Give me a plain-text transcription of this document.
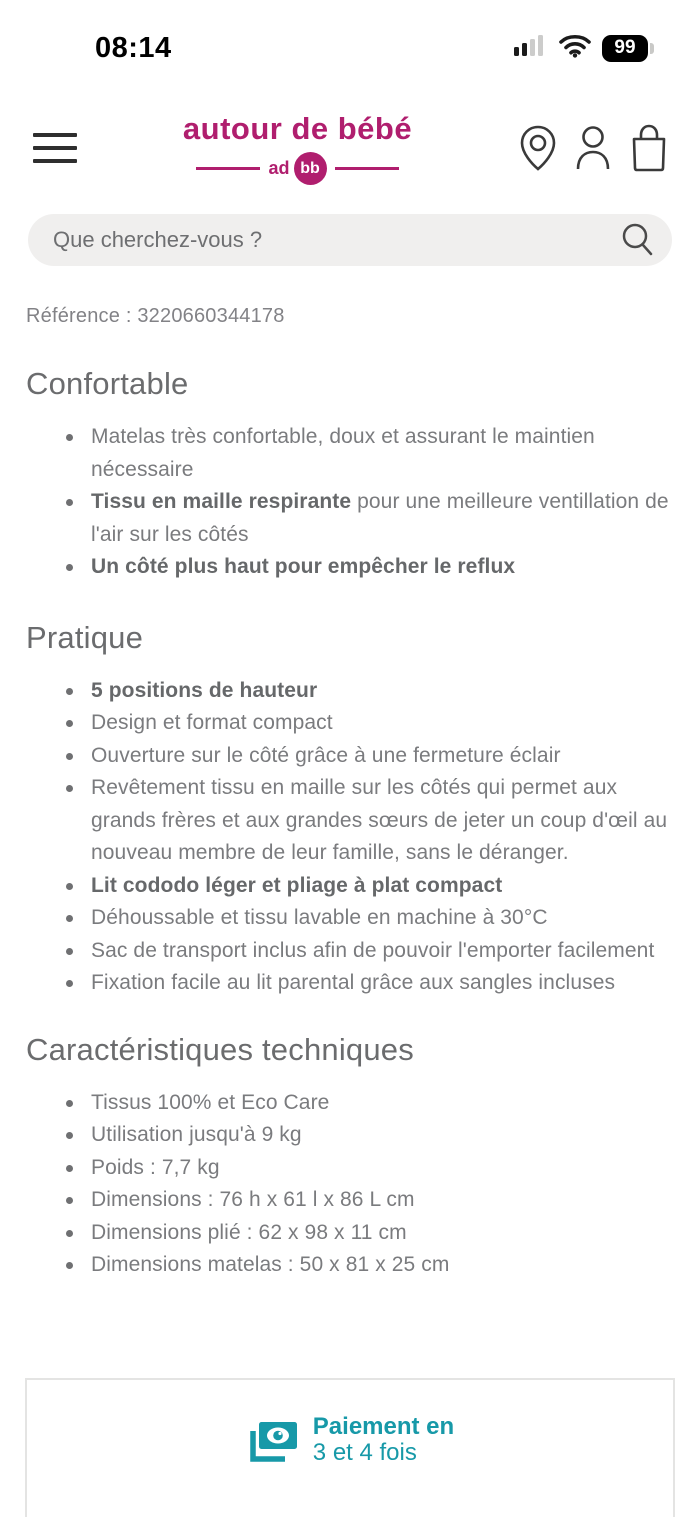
08:14	99
autour de bébé
ad bb
Que cherchez-vous ?

Référence : 3220660344178

Confortable
Matelas très confortable, doux et assurant le maintien nécessaire
Tissu en maille respirante pour une meilleure ventillation de l'air sur les côtés
Un côté plus haut pour empêcher le reflux
Pratique
5 positions de hauteur
Design et format compact
Ouverture sur le côté grâce à une fermeture éclair
Revêtement tissu en maille sur les côtés qui permet aux grands frères et aux grandes sœurs de jeter un coup d'œil au nouveau membre de leur famille, sans le déranger.
Lit cododo léger et pliage à plat compact
Déhoussable et tissu lavable en machine à 30°C
Sac de transport inclus afin de pouvoir l'emporter facilement
Fixation facile au lit parental grâce aux sangles incluses
Caractéristiques techniques
Tissus 100% et Eco Care
Utilisation jusqu'à 9 kg
Poids : 7,7 kg
Dimensions : 76 h x 61 l x 86 L cm
Dimensions plié : 62 x 98 x 11 cm
Dimensions matelas : 50 x 81 x 25 cm
Paiement en
3 et 4 fois
